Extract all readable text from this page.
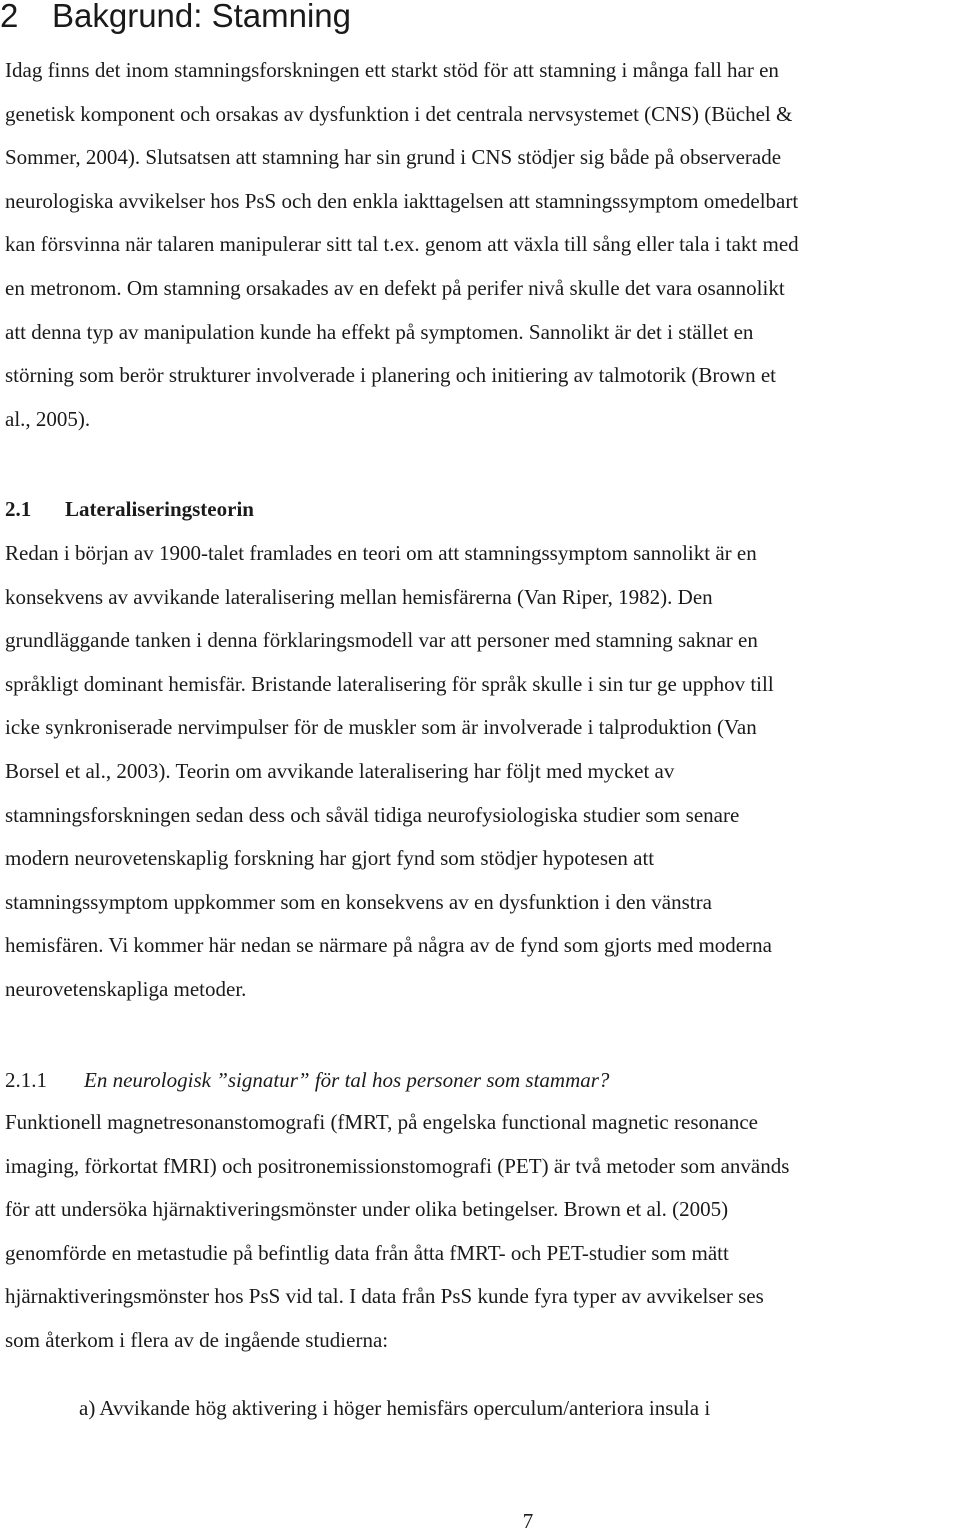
2 Bakgrund: Stamning

Idag finns det inom stamningsforskningen ett starkt stöd för att stamning i många fall har en
genetisk komponent och orsakas av dysfunktion i det centrala nervsystemet (CNS) (Büchel &
Sommer, 2004). Slutsatsen att stamning har sin grund i CNS stödjer sig både på observerade
neurologiska avvikelser hos PsS och den enkla iakttagelsen att stamningssymptom omedelbart
kan försvinna när talaren manipulerar sitt tal t.ex. genom att växla till sång eller tala i takt med
en metronom. Om stamning orsakades av en defekt på perifer nivå skulle det vara osannolikt
att denna typ av manipulation kunde ha effekt på symptomen. Sannolikt är det i stället en
störning som berör strukturer involverade i planering och initiering av talmotorik (Brown et
al., 2005).

2.1 Lateraliseringsteorin

Redan i början av 1900-talet framlades en teori om att stamningssymptom sannolikt är en
konsekvens av avvikande lateralisering mellan hemisfärerna (Van Riper, 1982). Den
grundläggande tanken i denna förklaringsmodell var att personer med stamning saknar en
språkligt dominant hemisfär. Bristande lateralisering för språk skulle i sin tur ge upphov till
icke synkroniserade nervimpulser för de muskler som är involverade i talproduktion (Van
Borsel et al., 2003). Teorin om avvikande lateralisering har följt med mycket av
stamningsforskningen sedan dess och såväl tidiga neurofysiologiska studier som senare
modern neurovetenskaplig forskning har gjort fynd som stödjer hypotesen att
stamningssymptom uppkommer som en konsekvens av en dysfunktion i den vänstra
hemisfären. Vi kommer här nedan se närmare på några av de fynd som gjorts med moderna
neurovetenskapliga metoder.

2.1.1 En neurologisk ”signatur” för tal hos personer som stammar?

Funktionell magnetresonanstomografi (fMRT, på engelska functional magnetic resonance
imaging, förkortat fMRI) och positronemissionstomografi (PET) är två metoder som används
för att undersöka hjärnaktiveringsmönster under olika betingelser. Brown et al. (2005)
genomförde en metastudie på befintlig data från åtta fMRT- och PET-studier som mätt
hjärnaktiveringsmönster hos PsS vid tal. I data från PsS kunde fyra typer av avvikelser ses
som återkom i flera av de ingående studierna:

a) Avvikande hög aktivering i höger hemisfärs operculum/anteriora insula i

7
